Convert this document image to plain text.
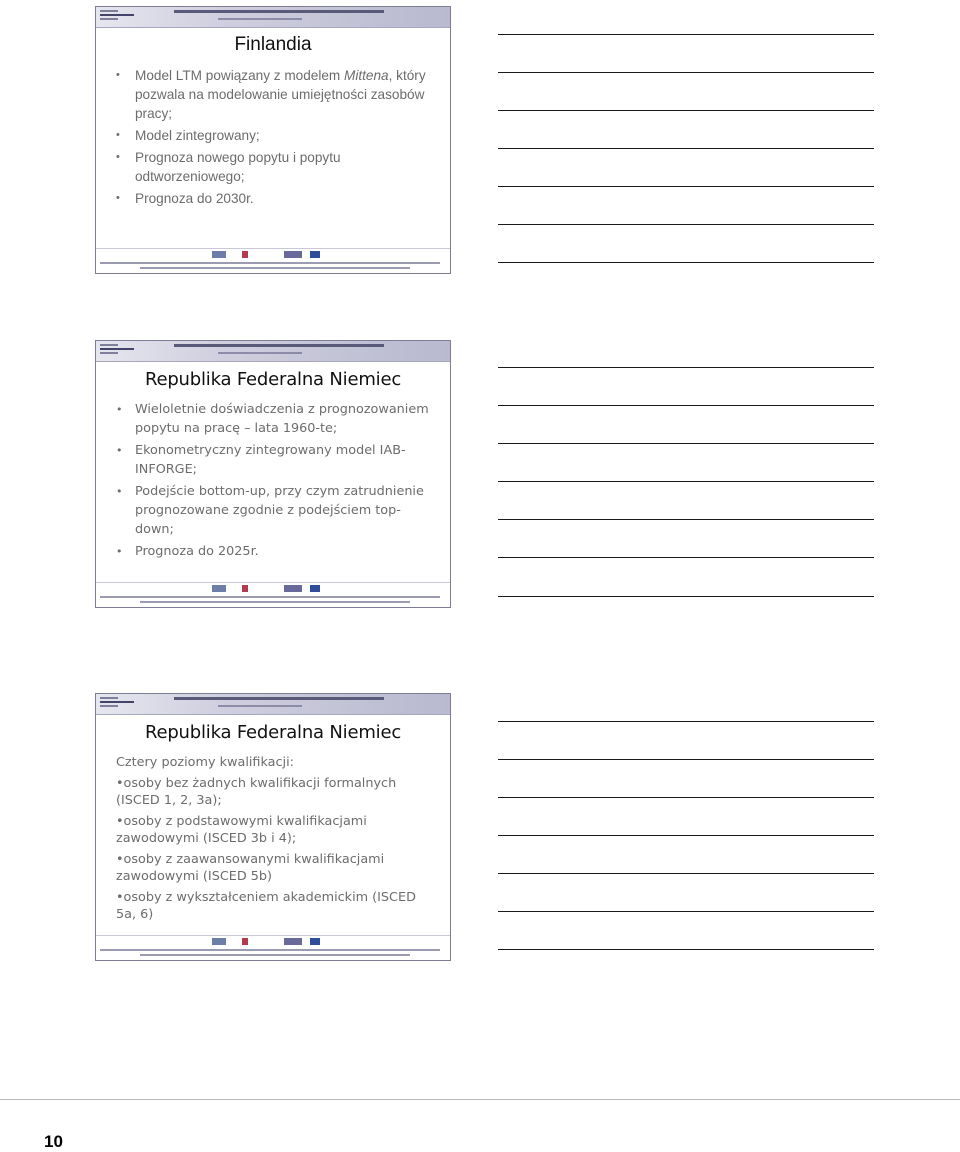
Finlandia
• Model LTM powiązany z modelem Mittena, który pozwala na modelowanie umiejętności zasobów pracy;
• Model zintegrowany;
• Prognoza nowego popytu i popytu odtworzeniowego;
• Prognoza do 2030r.
Republika Federalna Niemiec
• Wieloletnie doświadczenia z prognozowaniem popytu na pracę – lata 1960-te;
• Ekonometryczny zintegrowany model IAB-INFORGE;
• Podejście bottom-up, przy czym zatrudnienie prognozowane zgodnie z podejściem top-down;
• Prognoza do 2025r.
Republika Federalna Niemiec

Cztery poziomy kwalifikacji:

•osoby bez żadnych kwalifikacji formalnych (ISCED 1, 2, 3a);

•osoby z podstawowymi kwalifikacjami zawodowymi (ISCED 3b i 4);

•osoby z zaawansowanymi kwalifikacjami zawodowymi (ISCED 5b)

•osoby z wykształceniem akademickim (ISCED 5a, 6)

10
